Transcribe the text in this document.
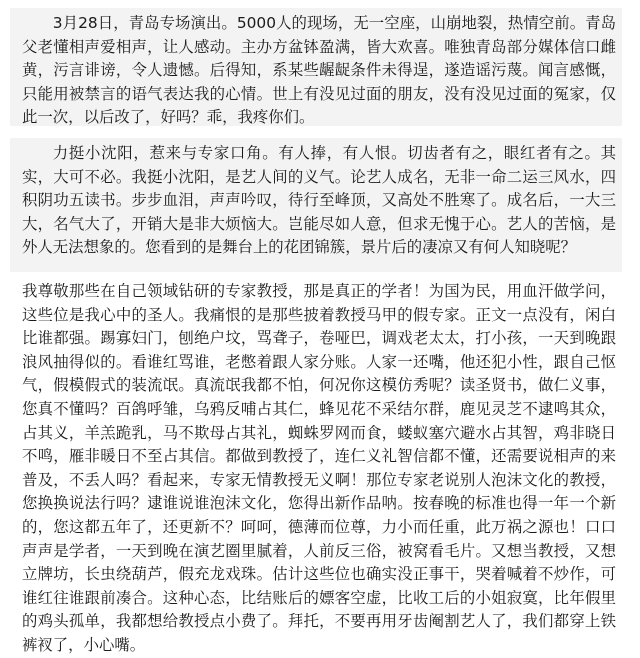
3月28日，青岛专场演出。5000人的现场，无一空座，山崩地裂，热情空前。青岛父老懂相声爱相声，让人感动。主办方盆钵盈满，皆大欢喜。唯独青岛部分媒体信口雌黄，污言诽谤，令人遗憾。后得知，系某些龌龊条件未得逞，遂造谣污蔑。闻言感慨，只能用被禁言的语气表达我的心情。世上有没见过面的朋友，没有没见过面的冤家，仅此一次，以后改了，好吗？乖，我疼你们。

力挺小沈阳，惹来与专家口角。有人捧，有人恨。切齿者有之，眼红者有之。其实，大可不必。我挺小沈阳，是艺人间的义气。论艺人成名，无非一命二运三风水，四积阴功五读书。步步血泪，声声吟叹，待行至峰顶，又高处不胜寒了。成名后，一大三大，名气大了，开销大是非大烦恼大。岂能尽如人意，但求无愧于心。艺人的苦恼，是外人无法想象的。您看到的是舞台上的花团锦簇，景片后的凄凉又有何人知晓呢？

我尊敬那些在自己领域钻研的专家教授，那是真正的学者！为国为民，用血汗做学问，这些位是我心中的圣人。我痛恨的是那些披着教授马甲的假专家。正文一点没有，闲白比谁都强。踢寡妇门，刨绝户坟，骂聋子，卷哑巴，调戏老太太，打小孩，一天到晚跟浪风抽得似的。看谁红骂谁，老憋着跟人家分账。人家一还嘴，他还犯小性，跟自己怄气，假模假式的装流氓。真流氓我都不怕，何况你这模仿秀呢？读圣贤书，做仁义事，您真不懂吗？百鸽呼雏，乌鸦反哺占其仁，蜂见花不采结尔群，鹿见灵芝不逮鸣其众，占其义，羊羔跪乳，马不欺母占其礼，蜘蛛罗网而食，蝼蚁塞穴避水占其智，鸡非晓日不鸣，雁非暖日不至占其信。都做到教授了，连仁义礼智信都不懂，还需要说相声的来普及，不丢人吗？看起来，专家无情教授无义啊！那位专家老说别人泡沫文化的教授，您换换说法行吗？逮谁说谁泡沫文化，您得出新作品呐。按春晚的标准也得一年一个新的，您这都五年了，还更新不？呵呵，德薄而位尊，力小而任重，此万祸之源也！口口声声是学者，一天到晚在演艺圈里腻着，人前反三俗，被窝看毛片。又想当教授，又想立牌坊，长虫绕葫芦，假充龙戏珠。估计这些位也确实没正事干，哭着喊着不炒作，可谁红往谁跟前凑合。这种心态，比结账后的嫖客空虚，比收工后的小姐寂寞，比年假里的鸡头孤单，我都想给教授点小费了。拜托，不要再用牙齿阉割艺人了，我们都穿上铁裤衩了，小心嘴。
